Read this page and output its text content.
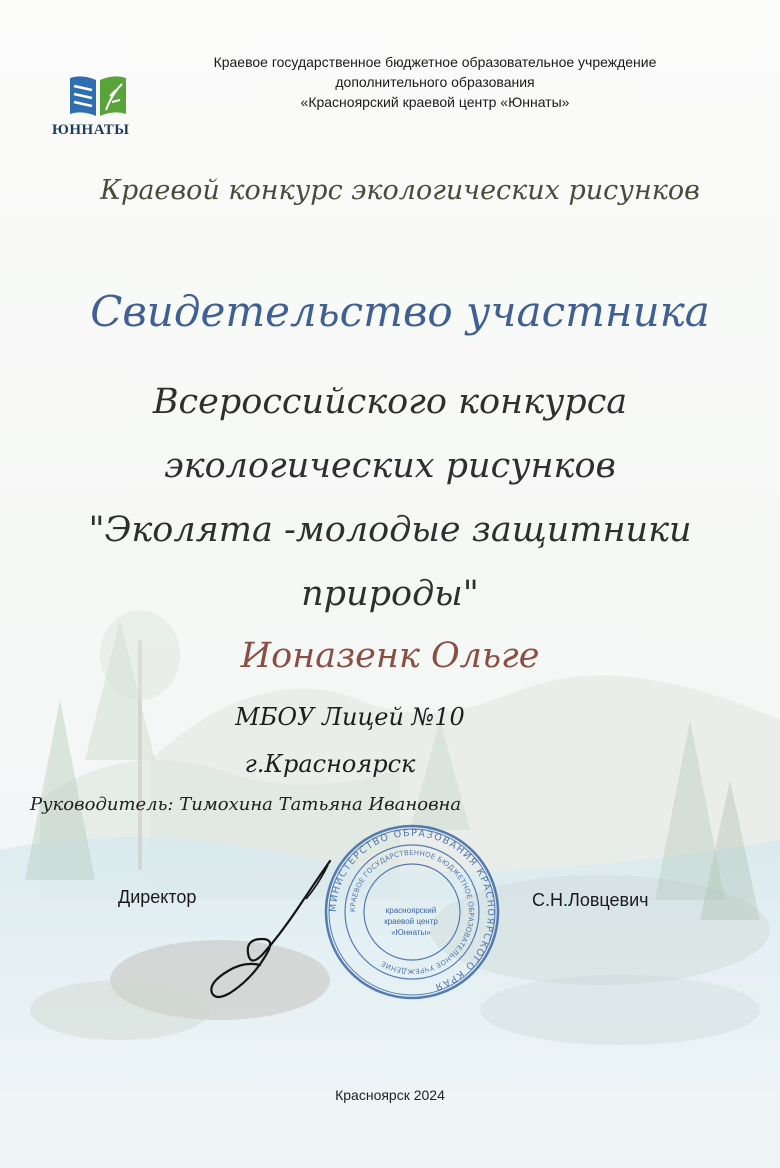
ЮННАТЫ
Краевое государственное бюджетное образовательное учреждение
дополнительного образования
«Красноярский краевой центр «Юннаты»
Краевой конкурс экологических рисунков
Свидетельство участника
Всероссийского конкурса
экологических рисунков
"Эколята -молодые защитники
природы"
Ионазенк Ольге
МБОУ Лицей №10
г.Красноярск
Руководитель: Тимохина Татьяна Ивановна
Директор
МИНИСТЕРСТВО ОБРАЗОВАНИЯ КРАСНОЯРСКОГО КРАЯ
КРАЕВОЕ ГОСУДАРСТВЕННОЕ БЮДЖЕТНОЕ ОБРАЗОВАТЕЛЬНОЕ УЧРЕЖДЕНИЕ
красноярский
краевой центр
«Юннаты»
С.Н.Ловцевич
Красноярск 2024
